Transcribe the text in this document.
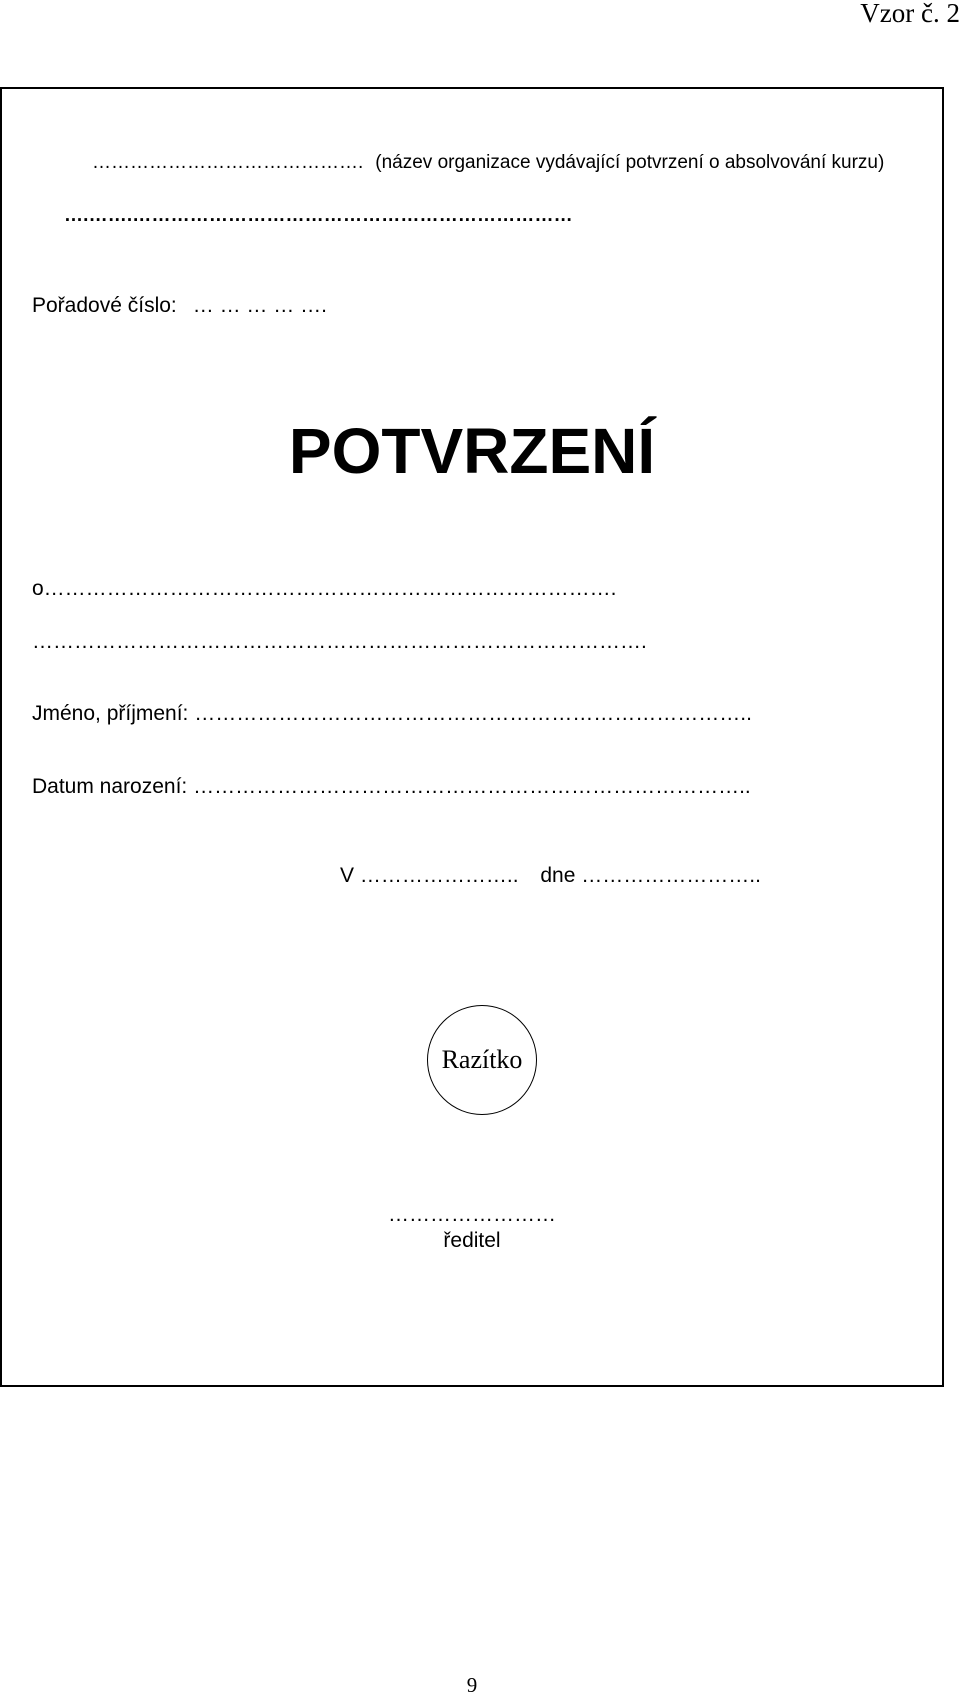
Vzor č. 2
……………………………………. (název organizace vydávající potvrzení o absolvování kurzu)
….…….……………………………………………………………
Pořadové číslo: … … … … ….
POTVRZENÍ
o……………………………………………………………………….
…………………………………………………………………………….
Jméno, příjmení: ……………………………………………………………………..
Datum narození: ……………………………………………………………………..
V ………………….. dne ……………………..
Razítko
……………………
ředitel
9
